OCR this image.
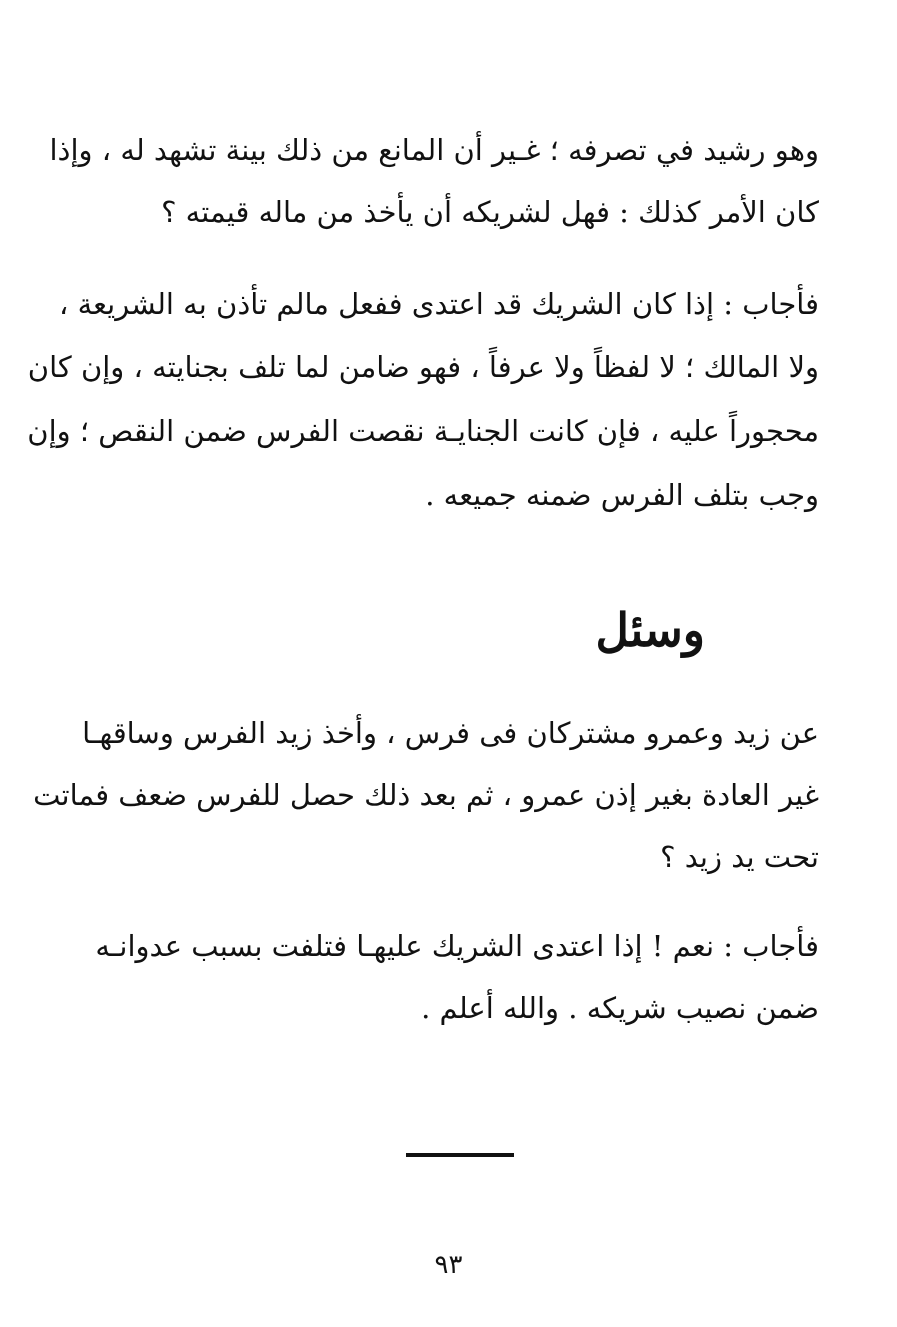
وهو رشيد في تصرفه ؛ غـير أن المانع من ذلك بينة تشهد له ، وإذا
كان الأمر كذلك : فهل لشريكه أن يأخذ من ماله قيمته ؟
فأجاب : إذا كان الشريك قد اعتدى ففعل مالم تأذن به الشريعة ،
ولا المالك ؛ لا لفظاً ولا عرفاً ، فهو ضامن لما تلف بجنايته ، وإن كان
محجوراً عليه ، فإن كانت الجنايـة نقصت الفرس ضمن النقص ؛ وإن
وجب بتلف الفرس ضمنه جميعه .
وسئل
عن زيد وعمرو مشتركان فى فرس ، وأخذ زيد الفرس وساقهـا
غير العادة بغير إذن عمرو ، ثم بعد ذلك حصل للفرس ضعف فماتت
تحت يد زيد ؟
فأجاب : نعم ! إذا اعتدى الشريك عليهـا فتلفت بسبب عدوانـه
ضمن نصيب شريكه . والله أعلم .
٩٣
